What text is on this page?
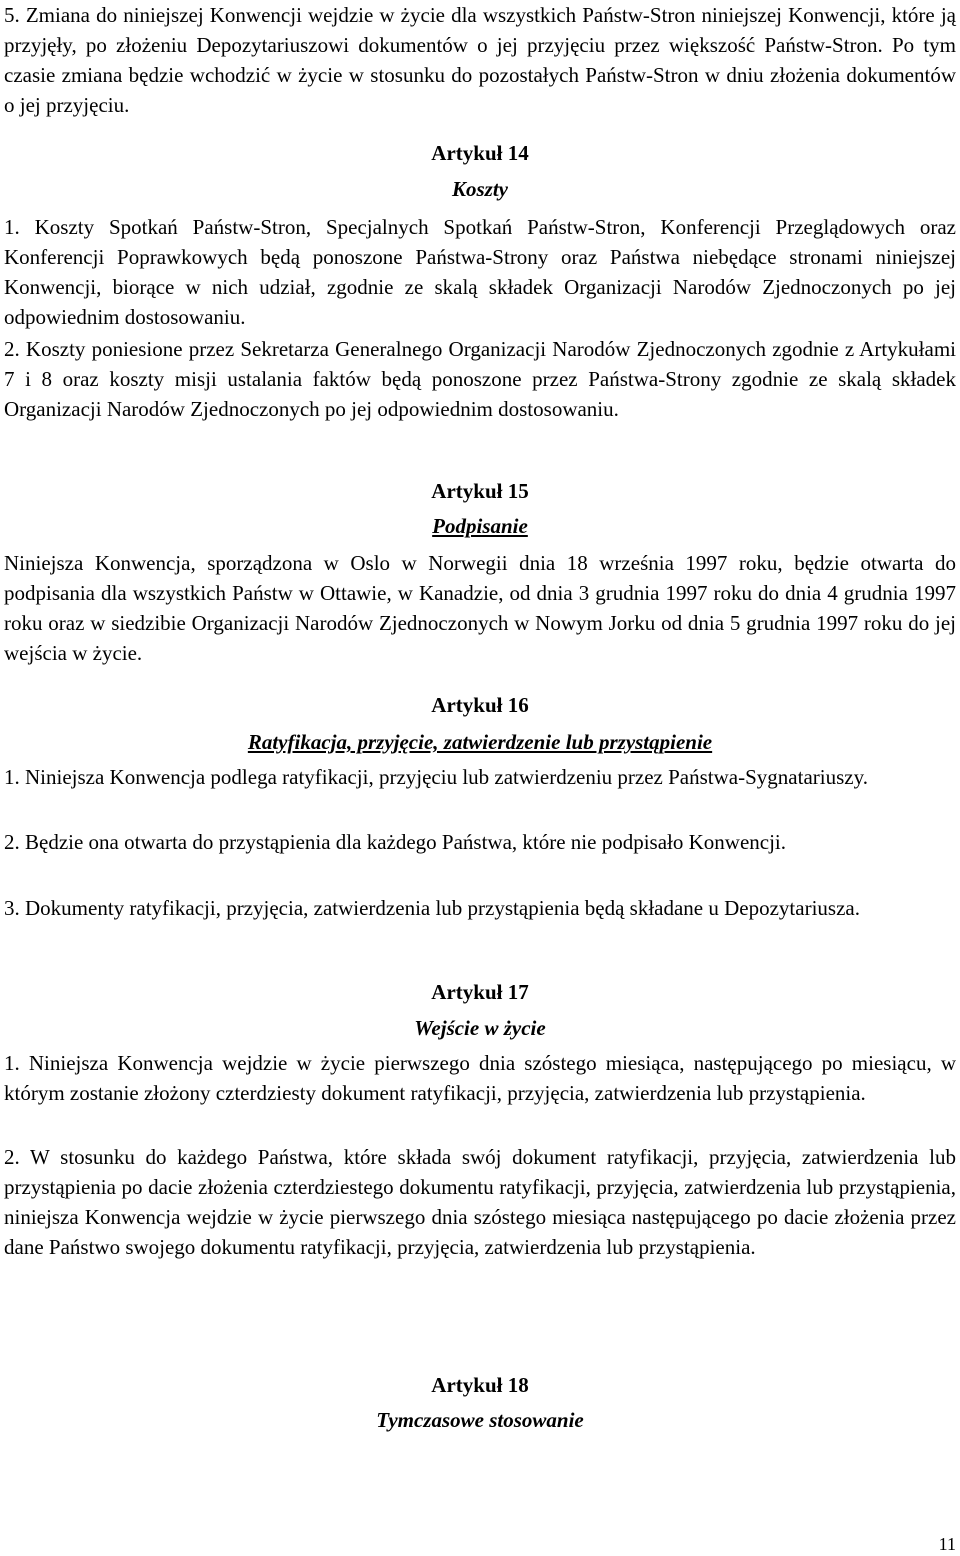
5. Zmiana do niniejszej Konwencji wejdzie w życie dla wszystkich Państw-Stron niniejszej Konwencji, które ją przyjęły, po złożeniu Depozytariuszowi dokumentów o jej przyjęciu przez większość Państw-Stron. Po tym czasie zmiana będzie wchodzić w życie w stosunku do pozostałych Państw-Stron w dniu złożenia dokumentów o jej przyjęciu.

Artykuł 14

Koszty

1. Koszty Spotkań Państw-Stron, Specjalnych Spotkań Państw-Stron, Konferencji Przeglądowych oraz Konferencji Poprawkowych będą ponoszone Państwa-Strony oraz Państwa niebędące stronami niniejszej Konwencji, biorące w nich udział, zgodnie ze skalą składek Organizacji Narodów Zjednoczonych po jej odpowiednim dostosowaniu.

2. Koszty poniesione przez Sekretarza Generalnego Organizacji Narodów Zjednoczonych zgodnie z Artykułami 7 i 8 oraz koszty misji ustalania faktów będą ponoszone przez Państwa-Strony zgodnie ze skalą składek Organizacji Narodów Zjednoczonych po jej odpowiednim dostosowaniu.

Artykuł 15

Podpisanie

Niniejsza Konwencja, sporządzona w Oslo w Norwegii dnia 18 września 1997 roku, będzie otwarta do podpisania dla wszystkich Państw w Ottawie, w Kanadzie, od dnia 3 grudnia 1997 roku do dnia 4 grudnia 1997 roku oraz w siedzibie Organizacji Narodów Zjednoczonych w Nowym Jorku od dnia 5 grudnia 1997 roku do jej wejścia w życie.

Artykuł 16

Ratyfikacja, przyjęcie, zatwierdzenie lub przystąpienie

1. Niniejsza Konwencja podlega ratyfikacji, przyjęciu lub zatwierdzeniu przez Państwa-Sygnatariuszy.

2. Będzie ona otwarta do przystąpienia dla każdego Państwa, które nie podpisało Konwencji.

3. Dokumenty ratyfikacji, przyjęcia, zatwierdzenia lub przystąpienia będą składane u Depozytariusza.

Artykuł 17

Wejście w życie

1. Niniejsza Konwencja wejdzie w życie pierwszego dnia szóstego miesiąca, następującego po miesiącu, w którym zostanie złożony czterdziesty dokument ratyfikacji, przyjęcia, zatwierdzenia lub przystąpienia.

2. W stosunku do każdego Państwa, które składa swój dokument ratyfikacji, przyjęcia, zatwierdzenia lub przystąpienia po dacie złożenia czterdziestego dokumentu ratyfikacji, przyjęcia, zatwierdzenia lub przystąpienia, niniejsza Konwencja wejdzie w życie pierwszego dnia szóstego miesiąca następującego po dacie złożenia przez dane Państwo swojego dokumentu ratyfikacji, przyjęcia, zatwierdzenia lub przystąpienia.

Artykuł 18

Tymczasowe stosowanie

11
